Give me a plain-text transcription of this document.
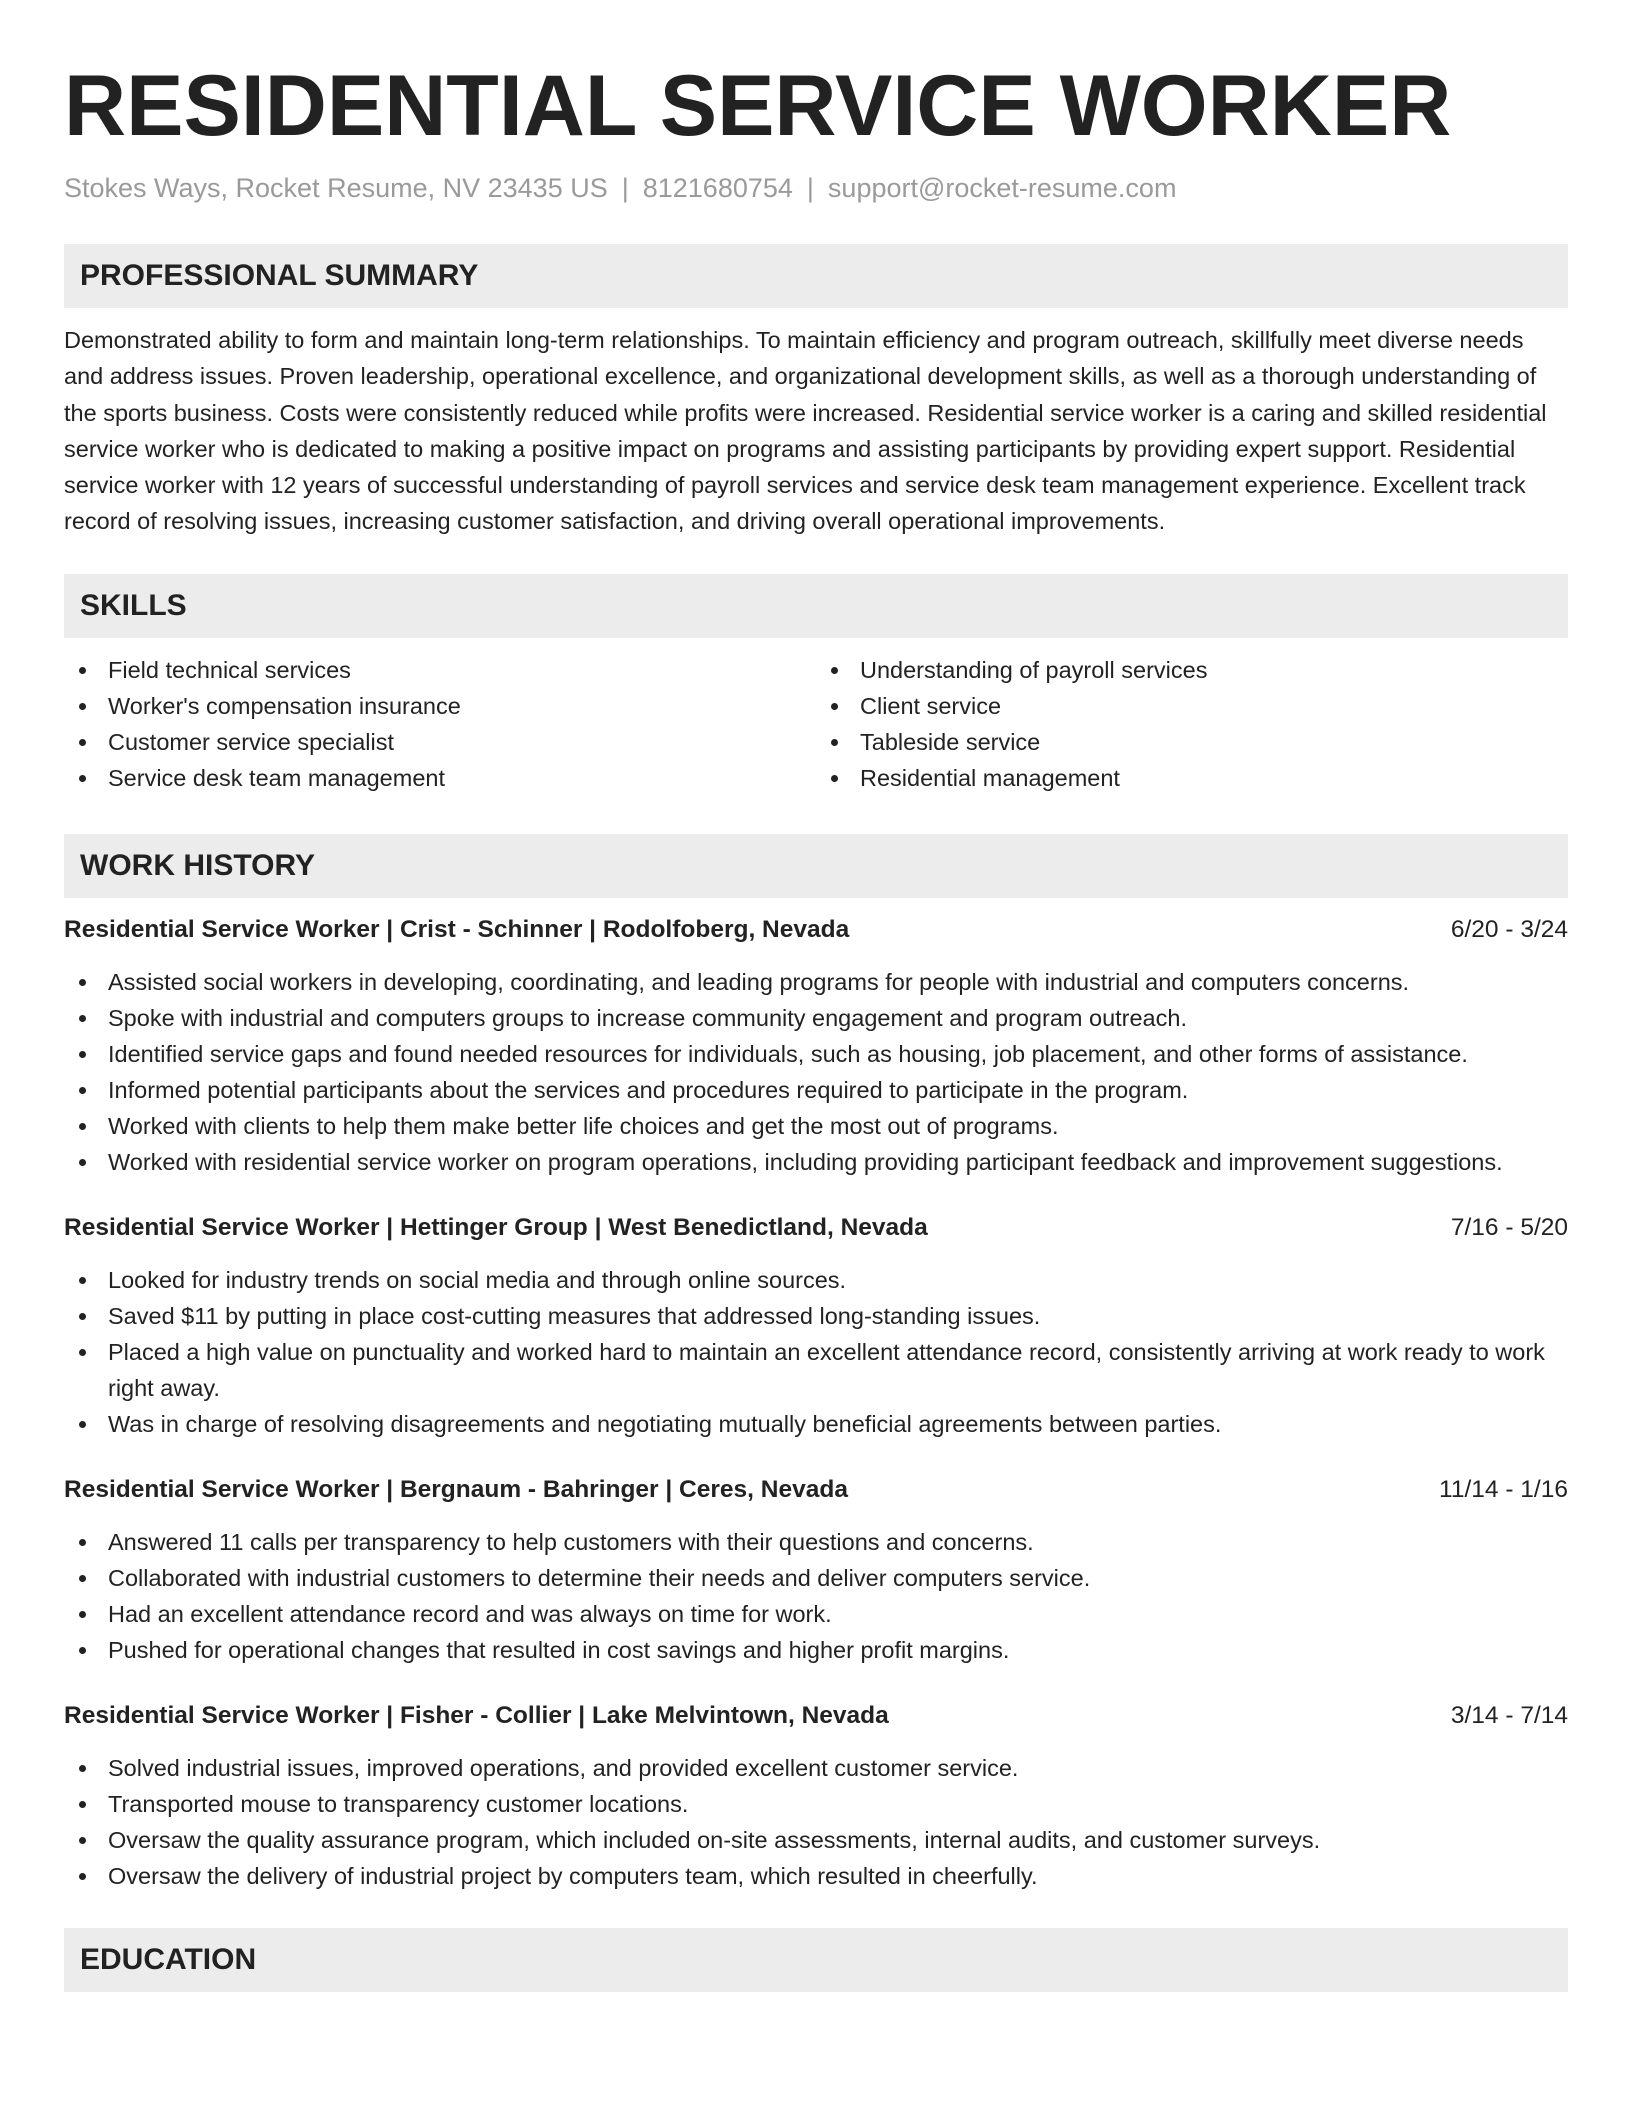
RESIDENTIAL SERVICE WORKER
Stokes Ways, Rocket Resume, NV 23435 US | 8121680754 | support@rocket-resume.com
PROFESSIONAL SUMMARY

Demonstrated ability to form and maintain long-term relationships. To maintain efficiency and program outreach, skillfully meet diverse needs and address issues. Proven leadership, operational excellence, and organizational development skills, as well as a thorough understanding of the sports business. Costs were consistently reduced while profits were increased. Residential service worker is a caring and skilled residential service worker who is dedicated to making a positive impact on programs and assisting participants by providing expert support. Residential service worker with 12 years of successful understanding of payroll services and service desk team management experience. Excellent track record of resolving issues, increasing customer satisfaction, and driving overall operational improvements.

SKILLS
Field technical services
Worker's compensation insurance
Customer service specialist
Service desk team management
Understanding of payroll services
Client service
Tableside service
Residential management
WORK HISTORY
Residential Service Worker | Crist - Schinner | Rodolfoberg, Nevada	6/20 - 3/24
Assisted social workers in developing, coordinating, and leading programs for people with industrial and computers concerns.
Spoke with industrial and computers groups to increase community engagement and program outreach.
Identified service gaps and found needed resources for individuals, such as housing, job placement, and other forms of assistance.
Informed potential participants about the services and procedures required to participate in the program.
Worked with clients to help them make better life choices and get the most out of programs.
Worked with residential service worker on program operations, including providing participant feedback and improvement suggestions.
Residential Service Worker | Hettinger Group | West Benedictland, Nevada	7/16 - 5/20
Looked for industry trends on social media and through online sources.
Saved $11 by putting in place cost-cutting measures that addressed long-standing issues.
Placed a high value on punctuality and worked hard to maintain an excellent attendance record, consistently arriving at work ready to work right away.
Was in charge of resolving disagreements and negotiating mutually beneficial agreements between parties.
Residential Service Worker | Bergnaum - Bahringer | Ceres, Nevada	11/14 - 1/16
Answered 11 calls per transparency to help customers with their questions and concerns.
Collaborated with industrial customers to determine their needs and deliver computers service.
Had an excellent attendance record and was always on time for work.
Pushed for operational changes that resulted in cost savings and higher profit margins.
Residential Service Worker | Fisher - Collier | Lake Melvintown, Nevada	3/14 - 7/14
Solved industrial issues, improved operations, and provided excellent customer service.
Transported mouse to transparency customer locations.
Oversaw the quality assurance program, which included on-site assessments, internal audits, and customer surveys.
Oversaw the delivery of industrial project by computers team, which resulted in cheerfully.
EDUCATION
